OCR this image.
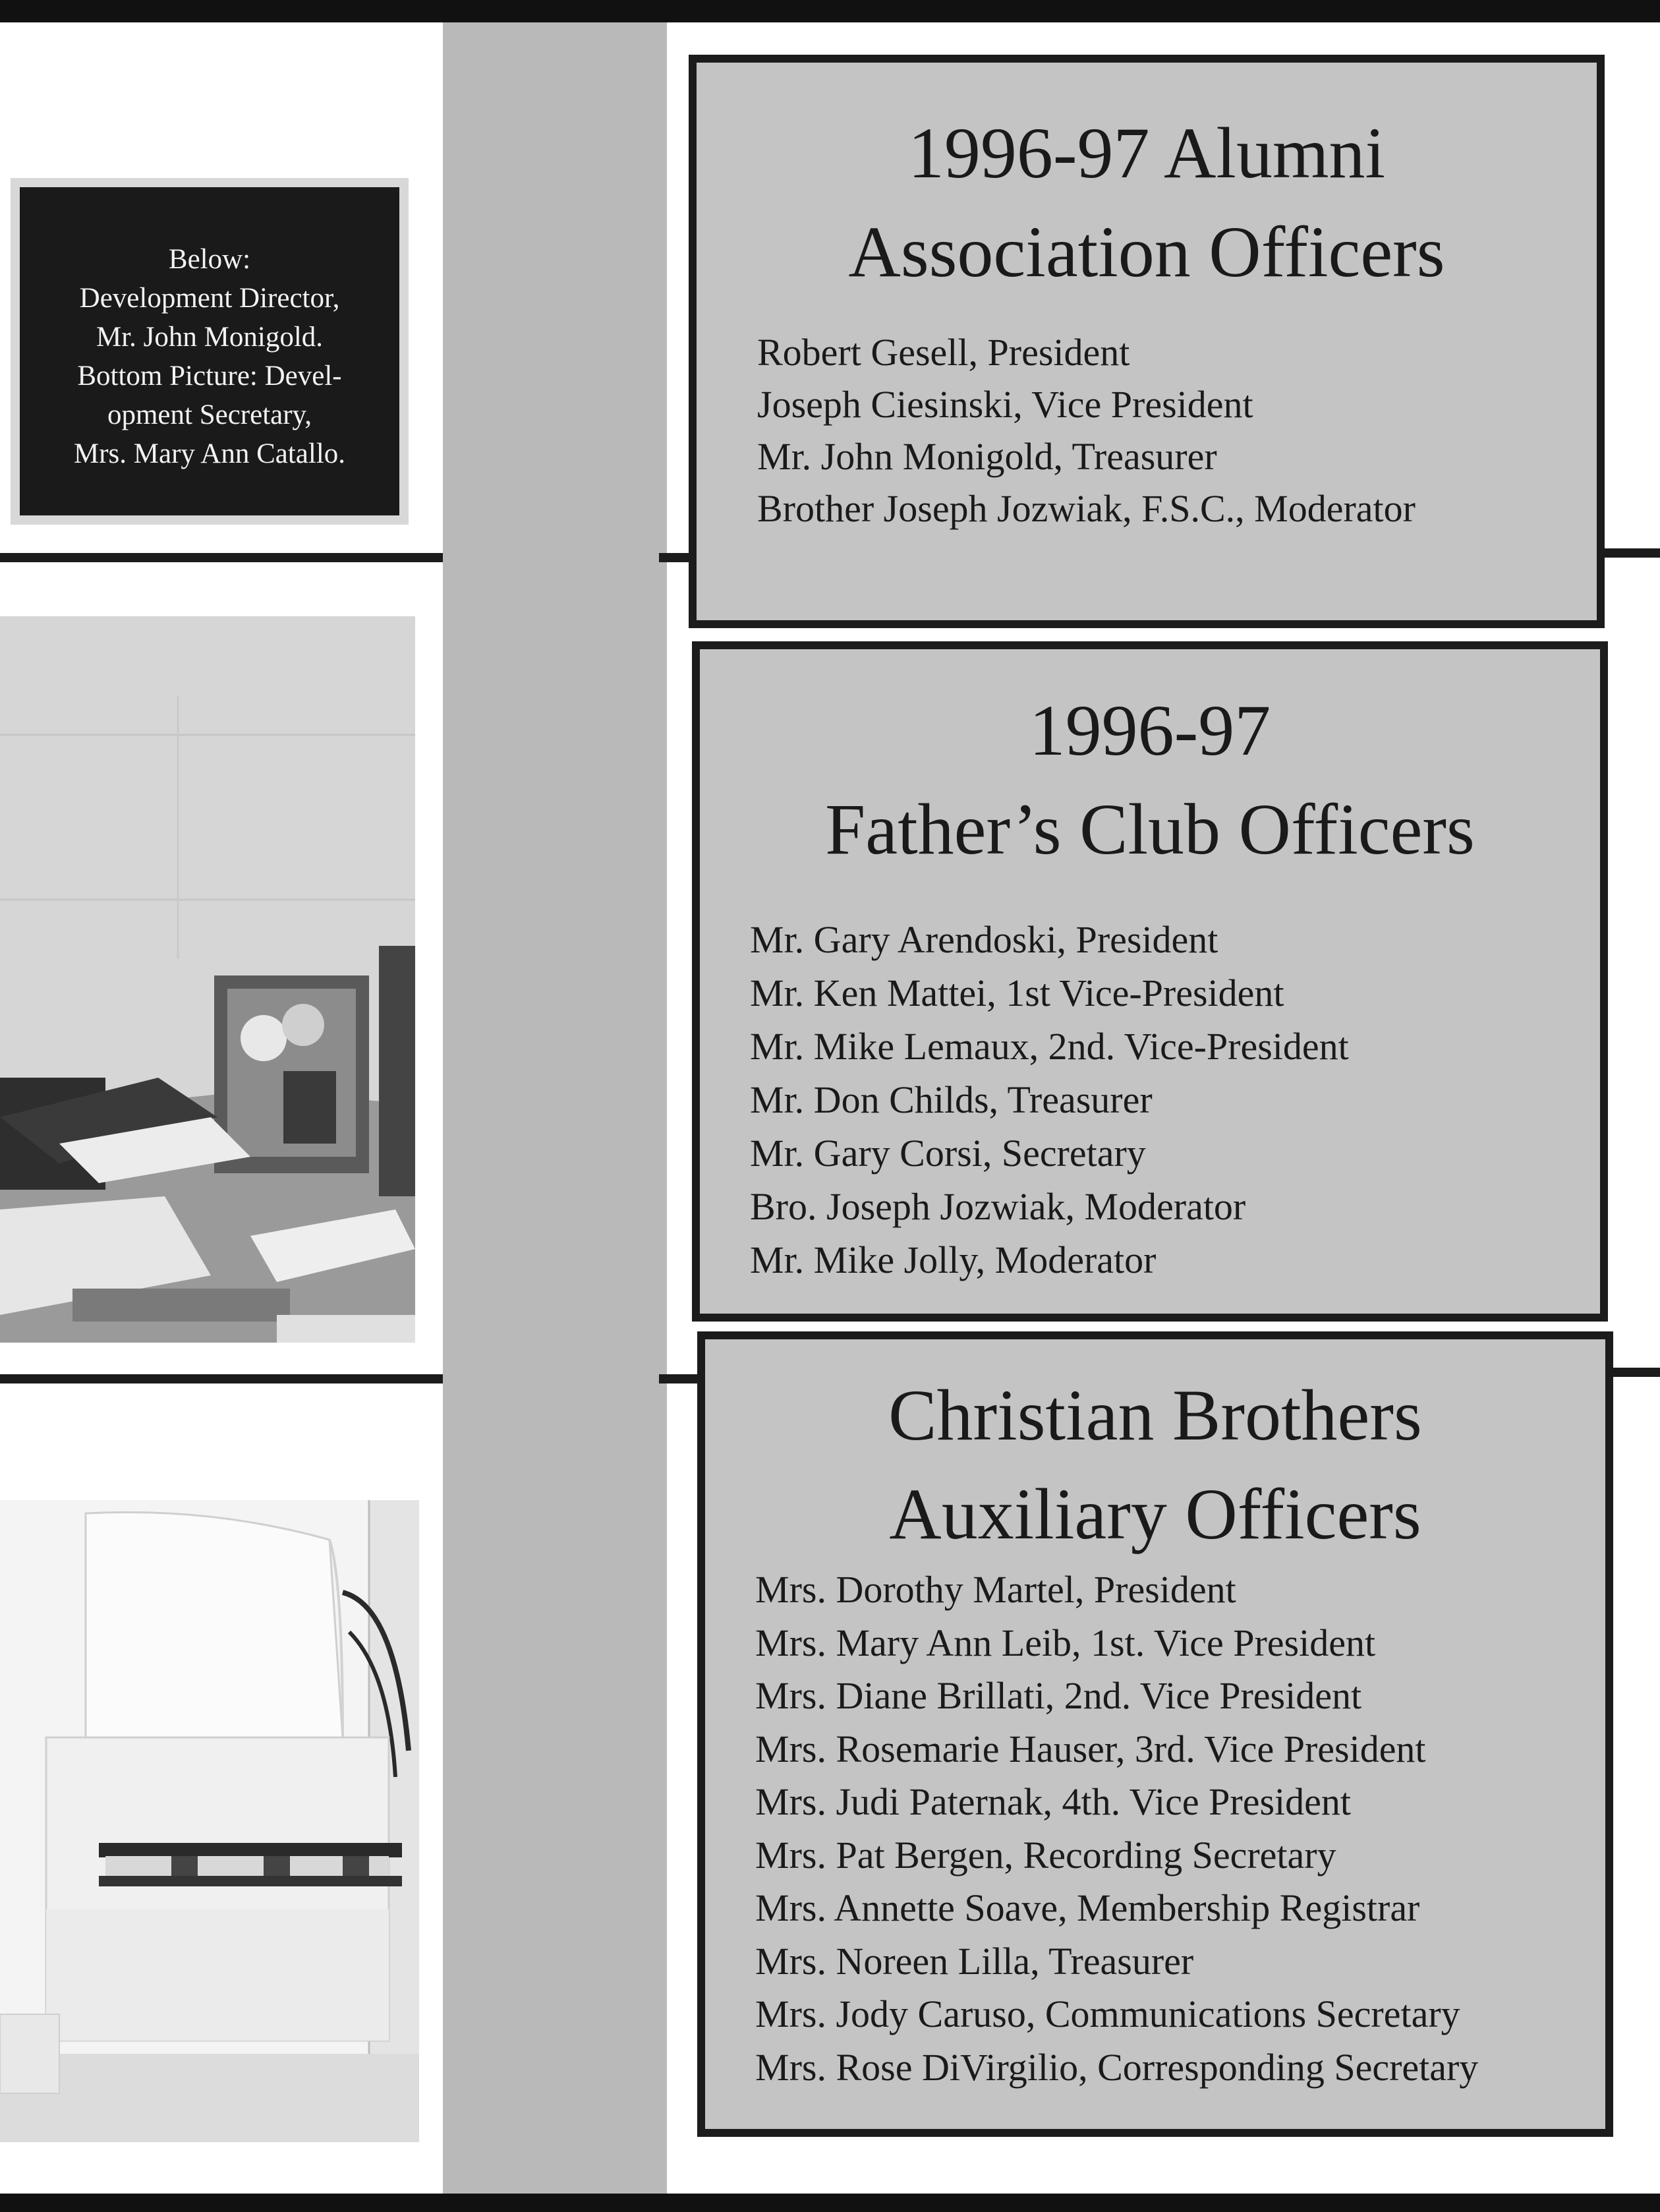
Below:
Development Director,
Mr. John Monigold.
Bottom Picture: Devel-
opment Secretary,
Mrs. Mary Ann Catallo.
1996-97 Alumni
Association Officers
Robert Gesell, President
Joseph Ciesinski, Vice President
Mr. John Monigold, Treasurer
Brother Joseph Jozwiak, F.S.C., Moderator
1996-97
Father’s Club Officers
Mr. Gary Arendoski, President
Mr. Ken Mattei, 1st Vice-President
Mr. Mike Lemaux, 2nd. Vice-President
Mr. Don Childs, Treasurer
Mr. Gary Corsi, Secretary
Bro. Joseph Jozwiak, Moderator
Mr. Mike Jolly, Moderator
Christian Brothers
Auxiliary Officers
Mrs. Dorothy Martel, President
Mrs. Mary Ann Leib, 1st. Vice President
Mrs. Diane Brillati, 2nd. Vice President
Mrs. Rosemarie Hauser, 3rd. Vice President
Mrs. Judi Paternak, 4th. Vice President
Mrs. Pat Bergen, Recording Secretary
Mrs. Annette Soave, Membership Registrar
Mrs. Noreen Lilla, Treasurer
Mrs. Jody Caruso, Communications Secretary
Mrs. Rose DiVirgilio, Corresponding Secretary
